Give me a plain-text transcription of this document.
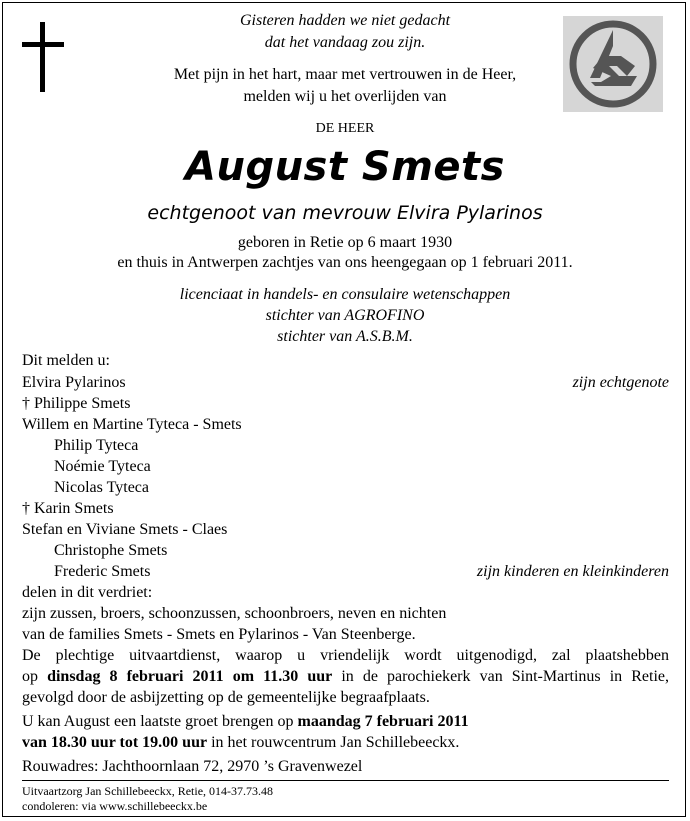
Gisteren hadden we niet gedacht
dat het vandaag zou zijn.
Met pijn in het hart, maar met vertrouwen in de Heer,
melden wij u het overlijden van
DE HEER
August Smets
echtgenoot van mevrouw Elvira Pylarinos
geboren in Retie op 6 maart 1930
en thuis in Antwerpen zachtjes van ons heengegaan op 1 februari 2011.
licenciaat in handels- en consulaire wetenschappen
stichter van AGROFINO
stichter van A.S.B.M.
Dit melden u:
Elvira Pylarinos	zijn echtgenote
† Philippe Smets
Willem en Martine Tyteca - Smets
Philip Tyteca
Noémie Tyteca
Nicolas Tyteca
† Karin Smets
Stefan en Viviane Smets - Claes
Christophe Smets
Frederic Smets	zijn kinderen en kleinkinderen
delen in dit verdriet:
zijn zussen, broers, schoonzussen, schoonbroers, neven en nichten
van de families Smets - Smets en Pylarinos - Van Steenberge.
De plechtige uitvaartdienst, waarop u vriendelijk wordt uitgenodigd, zal plaatshebben
op dinsdag 8 februari 2011 om 11.30 uur in de parochiekerk van Sint-Martinus in Retie,
gevolgd door de asbijzetting op de gemeentelijke begraafplaats.
U kan August een laatste groet brengen op maandag 7 februari 2011
van 18.30 uur tot 19.00 uur in het rouwcentrum Jan Schillebeeckx.
Rouwadres: Jachthoornlaan 72, 2970 ’s Gravenwezel
Uitvaartzorg Jan Schillebeeckx, Retie, 014-37.73.48
condoleren: via www.schillebeeckx.be
